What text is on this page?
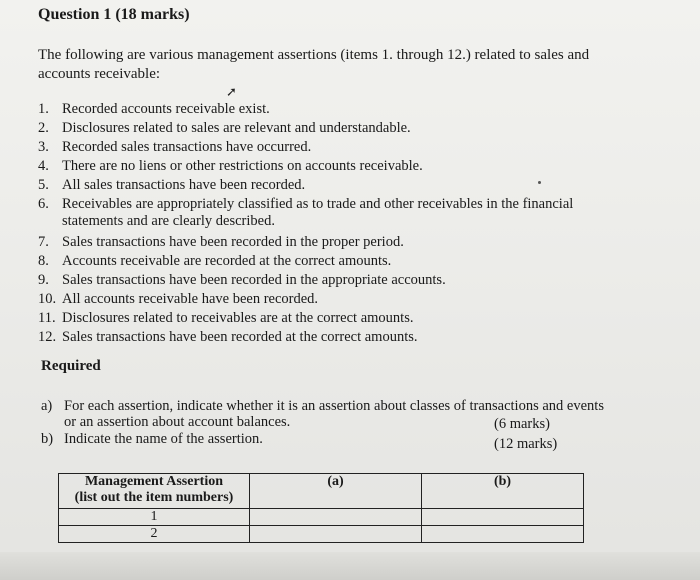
Question 1 (18 marks)
The following are various management assertions (items 1. through 12.) related to sales and
accounts receivable:
➚
1. Recorded accounts receivable exist.
2. Disclosures related to sales are relevant and understandable.
3. Recorded sales transactions have occurred.
4. There are no liens or other restrictions on accounts receivable.
5. All sales transactions have been recorded.
6. Receivables are appropriately classified as to trade and other receivables in the financial statements and are clearly described.
7. Sales transactions have been recorded in the proper period.
8. Accounts receivable are recorded at the correct amounts.
9. Sales transactions have been recorded in the appropriate accounts.
10. All accounts receivable have been recorded.
11. Disclosures related to receivables are at the correct amounts.
12. Sales transactions have been recorded at the correct amounts.
Required
a) For each assertion, indicate whether it is an assertion about classes of transactions and events
or an assertion about account balances.	(6 marks)
b) Indicate the name of the assertion.	(12 marks)
Management Assertion
(list out the item numbers)	(a)	(b)
1		
2		
